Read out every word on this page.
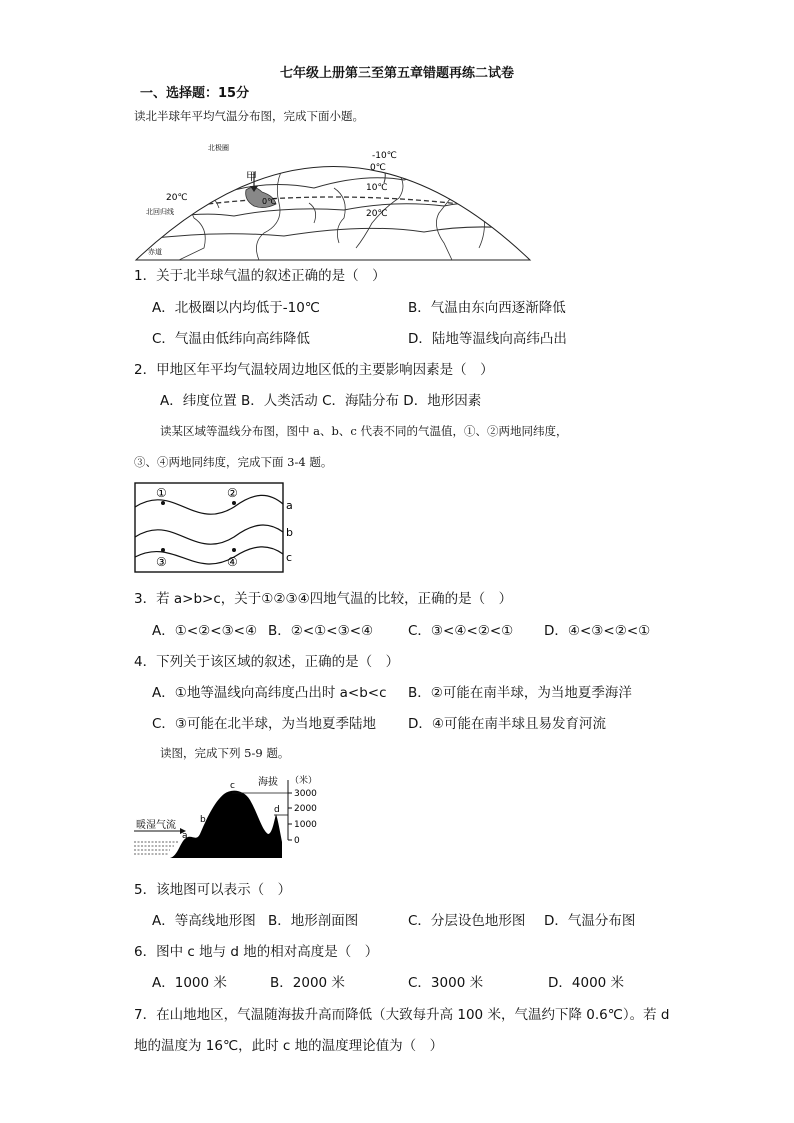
七年级上册第三至第五章错题再练二试卷
一、选择题：15分
读北半球年平均气温分布图，完成下面小题。
北极圈
北回归线
赤道
甲
0℃
-10℃
0℃
10℃
20℃
20℃
1．关于北半球气温的叙述正确的是（　）
A．北极圈以内均低于-10℃	B．气温由东向西逐渐降低
C．气温由低纬向高纬降低	D．陆地等温线向高纬凸出
2．甲地区年平均气温较周边地区低的主要影响因素是（　）
A．纬度位置 B．人类活动 C．海陆分布 D．地形因素
读某区域等温线分布图，图中 a、b、c 代表不同的气温值，①、②两地同纬度，
③、④两地同纬度，完成下面 3-4 题。
①	②
③	④
a
b
c
3．若 a>b>c，关于①②③④四地气温的比较，正确的是（　）
A．①<②<③<④ B．②<①<③<④	C．③<④<②<① D．④<③<②<①
4．下列关于该区域的叙述，正确的是（　）
A．①地等温线向高纬度凸出时 a<b<c B．②可能在南半球，为当地夏季海洋
C．③可能在北半球，为当地夏季陆地 D．④可能在南半球且易发育河流
读图，完成下列 5-9 题。
暖湿气流
海拔 （米）
a
b
c
d
3000
2000
1000
0
5．该地图可以表示（　）
A．等高线地形图 B．地形剖面图	C．分层设色地形图 D．气温分布图
6．图中 c 地与 d 地的相对高度是（　）
A．1000 米	B．2000 米	C．3000 米	D．4000 米
7．在山地地区，气温随海拔升高而降低（大致每升高 100 米，气温约下降 0.6℃）。若 d
地的温度为 16℃，此时 c 地的温度理论值为（　）
